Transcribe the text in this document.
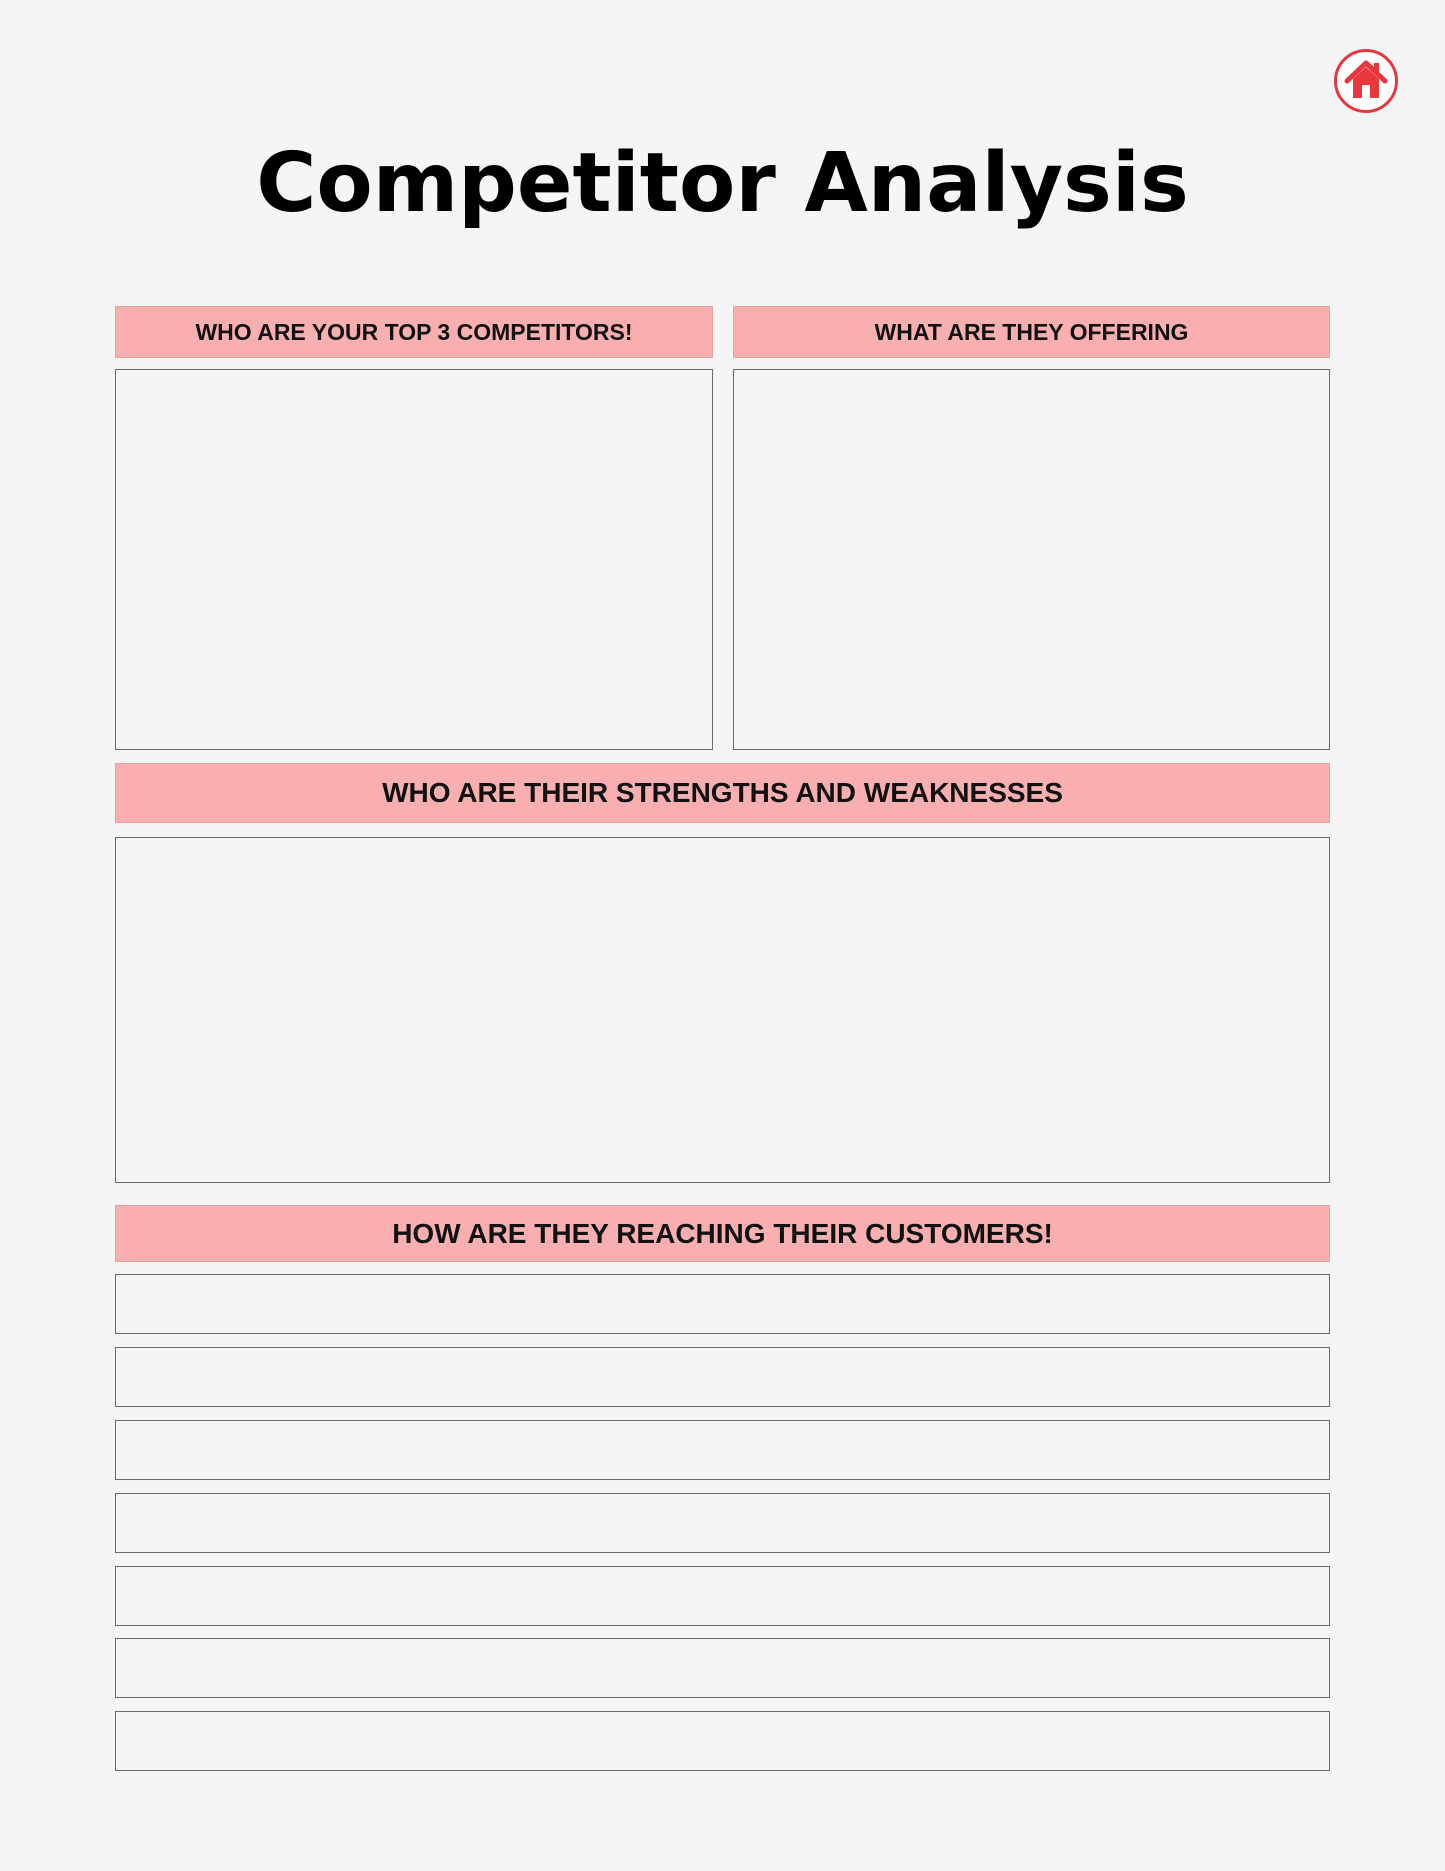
Competitor Analysis
WHO ARE YOUR TOP 3 COMPETITORS!	WHAT ARE THEY OFFERING
WHO ARE THEIR STRENGTHS AND WEAKNESSES
HOW ARE THEY REACHING THEIR CUSTOMERS!
